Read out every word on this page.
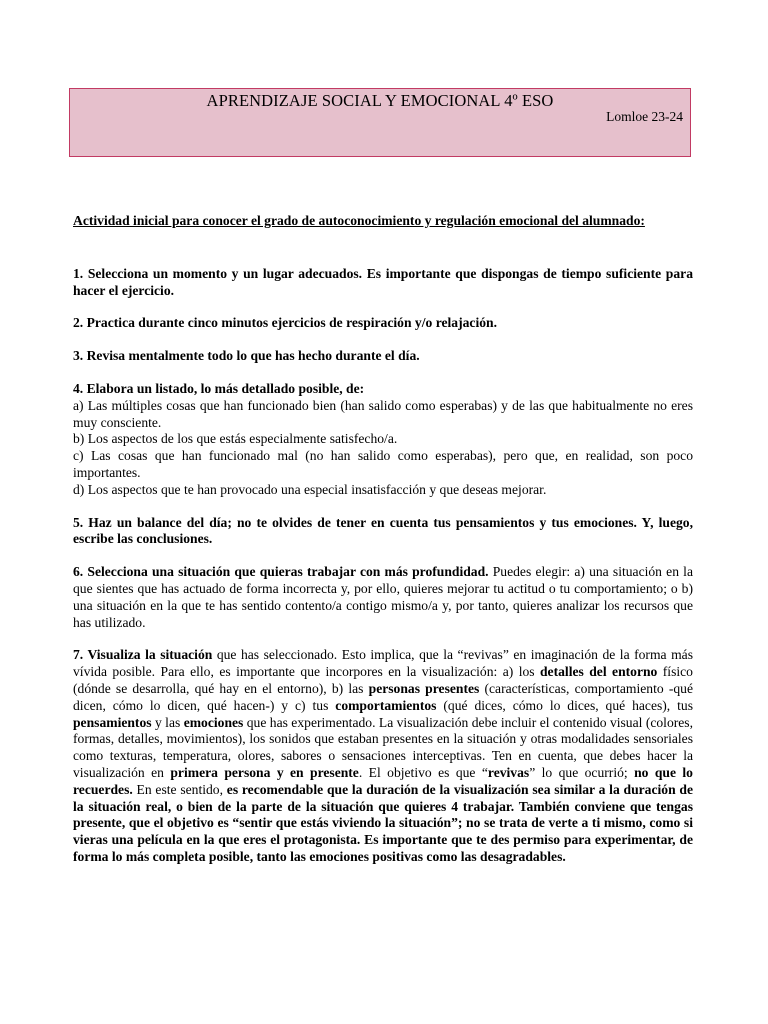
APRENDIZAJE SOCIAL Y EMOCIONAL 4º ESO
Lomloe 23-24

Actividad inicial para conocer el grado de autoconocimiento y regulación emocional del alumnado:

1. Selecciona un momento y un lugar adecuados. Es importante que dispongas de tiempo suficiente para hacer el ejercicio.

2. Practica durante cinco minutos ejercicios de respiración y/o relajación.

3. Revisa mentalmente todo lo que has hecho durante el día.

4. Elabora un listado, lo más detallado posible, de:

a) Las múltiples cosas que han funcionado bien (han salido como esperabas) y de las que habitualmente no eres muy consciente.

b) Los aspectos de los que estás especialmente satisfecho/a.

c) Las cosas que han funcionado mal (no han salido como esperabas), pero que, en realidad, son poco importantes.

d) Los aspectos que te han provocado una especial insatisfacción y que deseas mejorar.

5. Haz un balance del día; no te olvides de tener en cuenta tus pensamientos y tus emociones. Y, luego, escribe las conclusiones.

6. Selecciona una situación que quieras trabajar con más profundidad. Puedes elegir: a) una situación en la que sientes que has actuado de forma incorrecta y, por ello, quieres mejorar tu actitud o tu comportamiento; o b) una situación en la que te has sentido contento/a contigo mismo/a y, por tanto, quieres analizar los recursos que has utilizado.

7. Visualiza la situación que has seleccionado. Esto implica, que la “revivas” en imaginación de la forma más vívida posible. Para ello, es importante que incorpores en la visualización: a) los detalles del entorno físico (dónde se desarrolla, qué hay en el entorno), b) las personas presentes (características, comportamiento -qué dicen, cómo lo dicen, qué hacen-) y c) tus comportamientos (qué dices, cómo lo dices, qué haces), tus pensamientos y las emociones que has experimentado. La visualización debe incluir el contenido visual (colores, formas, detalles, movimientos), los sonidos que estaban presentes en la situación y otras modalidades sensoriales como texturas, temperatura, olores, sabores o sensaciones interceptivas. Ten en cuenta, que debes hacer la visualización en primera persona y en presente. El objetivo es que “revivas” lo que ocurrió; no que lo recuerdes. En este sentido, es recomendable que la duración de la visualización sea similar a la duración de la situación real, o bien de la parte de la situación que quieres 4 trabajar. También conviene que tengas presente, que el objetivo es “sentir que estás viviendo la situación”; no se trata de verte a ti mismo, como si vieras una película en la que eres el protagonista. Es importante que te des permiso para experimentar, de forma lo más completa posible, tanto las emociones positivas como las desagradables.
